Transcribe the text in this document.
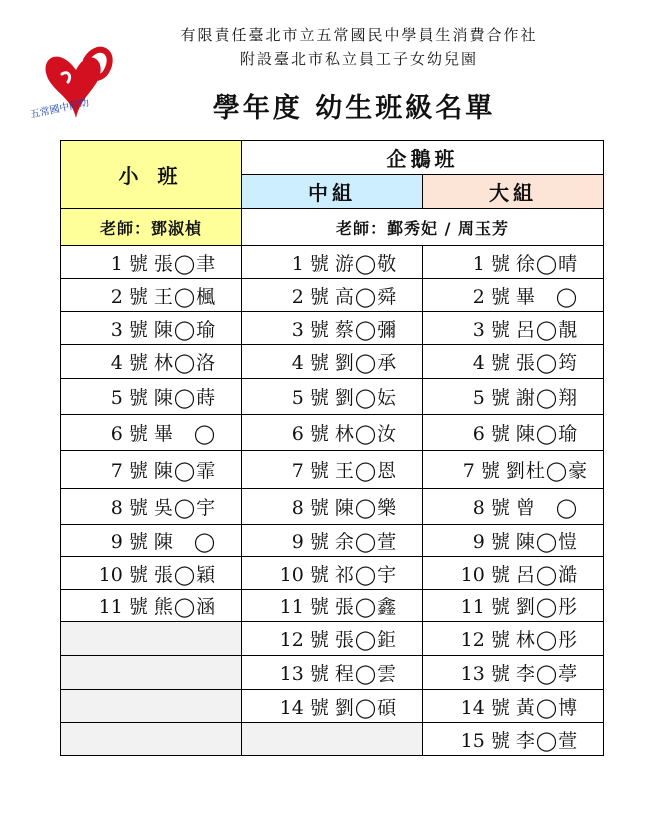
五常國中附幼
有限責任臺北市立五常國民中學員生消費合作社
附設臺北市私立員工子女幼兒園
學年度 幼生班級名單
小 班	企鵝班	
	中組	大組
老師：鄧淑楨	老師：鄞秀妃 / 周玉芳	
1 號 張◯聿	1 號 游◯敬	1 號 徐◯晴
2 號 王◯楓	2 號 高◯舜	2 號 畢　◯
3 號 陳◯瑜	3 號 蔡◯彌	3 號 呂◯靚
4 號 林◯洛	4 號 劉◯承	4 號 張◯筠
5 號 陳◯蒔	5 號 劉◯妘	5 號 謝◯翔
6 號 畢　◯	6 號 林◯汝	6 號 陳◯瑜
7 號 陳◯霏	7 號 王◯恩	7 號 劉杜◯豪
8 號 吳◯宇	8 號 陳◯樂	8 號 曾　◯
9 號 陳　◯	9 號 余◯萱	9 號 陳◯愷
10 號 張◯穎	10 號 祁◯宇	10 號 呂◯澔
11 號 熊◯涵	11 號 張◯鑫	11 號 劉◯彤
	12 號 張◯鉅	12 號 林◯彤
	13 號 程◯雲	13 號 李◯葶
	14 號 劉◯碩	14 號 黃◯博
		15 號 李◯萱
